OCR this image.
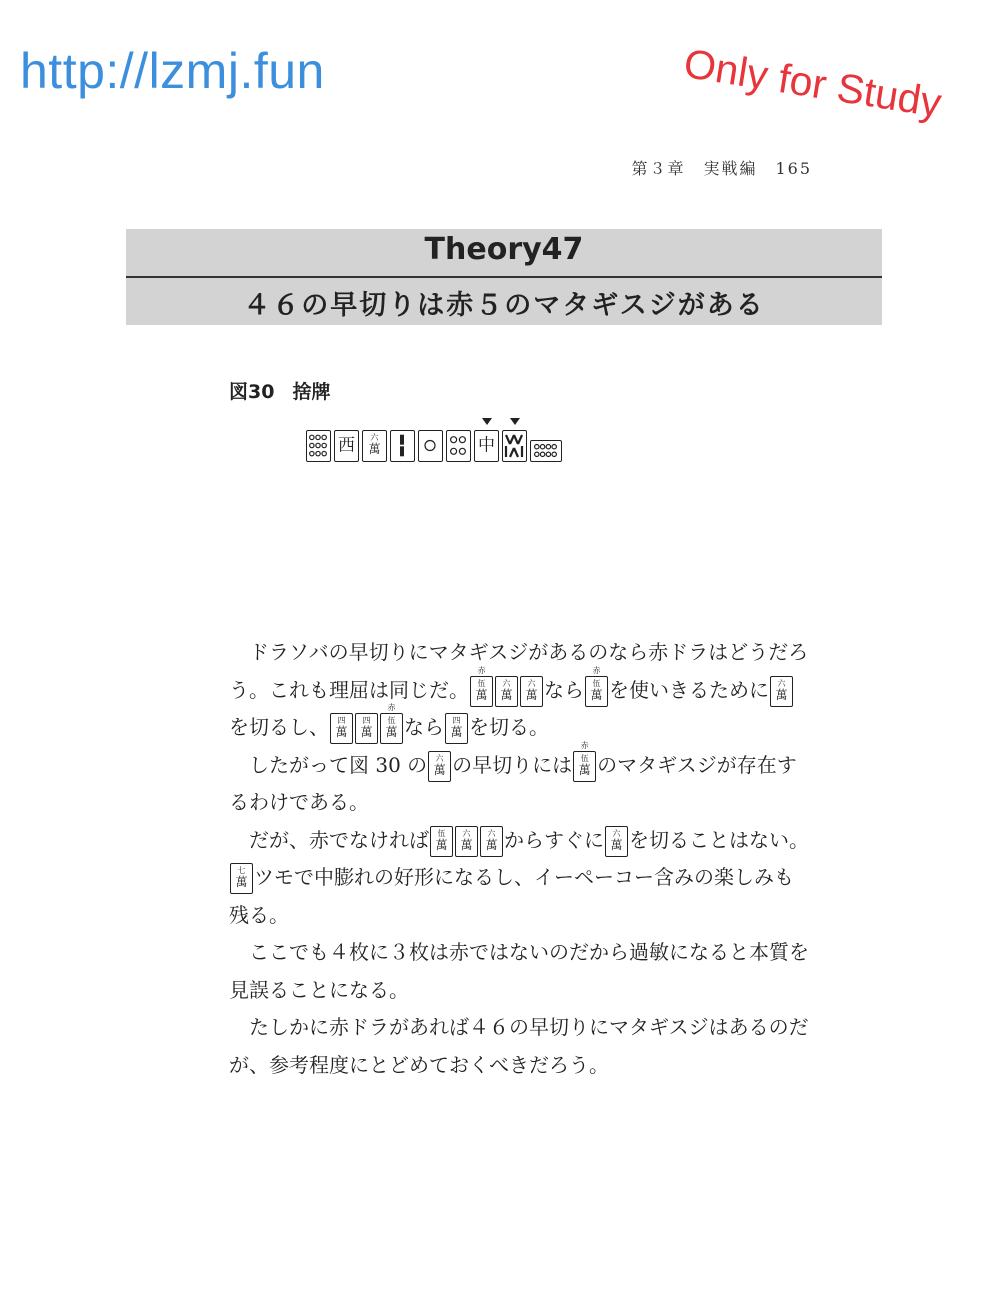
http://lzmj.fun	Only for Study
第３章　実戦編　165
Theory47
４６の早切りは赤５のマタギスジがある
図30 捨牌
西	六
萬	中

ドラソバの早切りにマタギスジがあるのなら赤ドラはどうだろう。これも理屈は同じだ。	伍
萬
赤
六
萬
六
萬 なら	伍
萬
赤
を使いきるために	六
萬
を切るし、	四
萬
四
萬
伍
萬
赤
なら	四
萬 を切る。

したがって図 30 の	六
萬 の早切りには	伍
萬
赤
のマタギスジが存在するわけである。

だが、赤でなければ	伍
萬
六
萬
六
萬 からすぐに	六
萬 を切ることはない。
七
萬 ツモで中膨れの好形になるし、イーペーコー含みの楽しみも残る。

ここでも４枚に３枚は赤ではないのだから過敏になると本質を見誤ることになる。

たしかに赤ドラがあれば４６の早切りにマタギスジはあるのだが、参考程度にとどめておくべきだろう。
